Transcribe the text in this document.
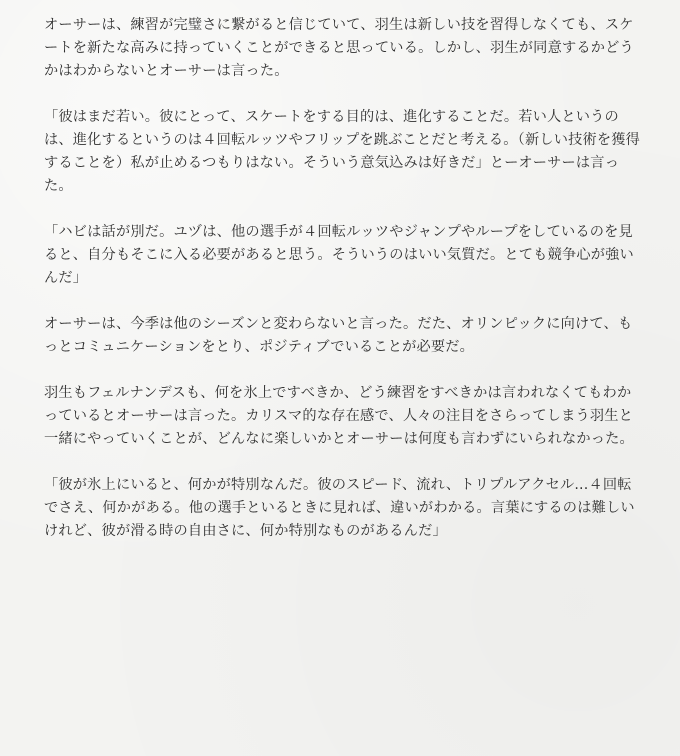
オーサーは、練習が完璧さに繋がると信じていて、羽生は新しい技を習得しなくても、スケートを新たな高みに持っていくことができると思っている。しかし、羽生が同意するかどうかはわからないとオーサーは言った。

「彼はまだ若い。彼にとって、スケートをする目的は、進化することだ。若い人というのは、進化するというのは４回転ルッツやフリップを跳ぶことだと考える。（新しい技術を獲得することを）私が止めるつもりはない。そういう意気込みは好きだ」とーオーサーは言った。

「ハビは話が別だ。ユヅは、他の選手が４回転ルッツやジャンプやループをしているのを見ると、自分もそこに入る必要があると思う。そういうのはいい気質だ。とても競争心が強いんだ」

オーサーは、今季は他のシーズンと変わらないと言った。だた、オリンピックに向けて、もっとコミュニケーションをとり、ポジティブでいることが必要だ。

羽生もフェルナンデスも、何を氷上ですべきか、どう練習をすべきかは言われなくてもわかっているとオーサーは言った。カリスマ的な存在感で、人々の注目をさらってしまう羽生と一緒にやっていくことが、どんなに楽しいかとオーサーは何度も言わずにいられなかった。

「彼が氷上にいると、何かが特別なんだ。彼のスピード、流れ、トリプルアクセル...４回転でさえ、何かがある。他の選手といるときに見れば、違いがわかる。言葉にするのは難しいけれど、彼が滑る時の自由さに、何か特別なものがあるんだ」
